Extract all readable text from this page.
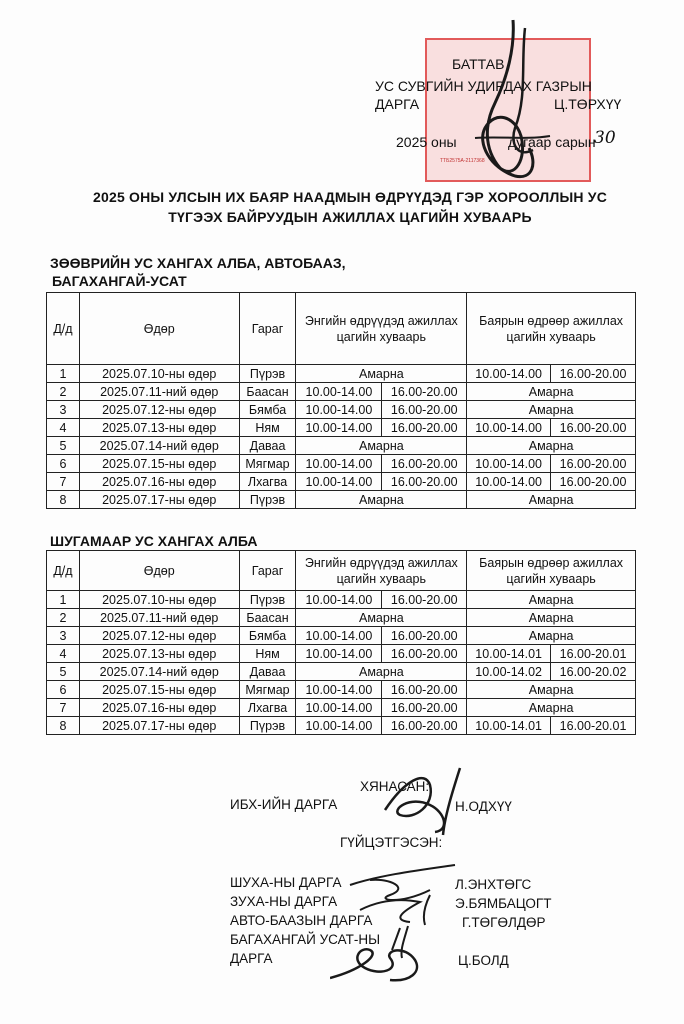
ТТБ2575А-2117368
БАТТАВ
УС СУВГИЙН УДИРДАХ ГАЗРЫН
ДАРГА	Ц.ТӨРХҮҮ
2025 оны	дугаар сарын
30
2025 ОНЫ УЛСЫН ИХ БАЯР НААДМЫН ӨДРҮҮДЭД ГЭР ХОРООЛЛЫН УС
ТҮГЭЭХ БАЙРУУДЫН АЖИЛЛАХ ЦАГИЙН ХУВААРЬ
ЗӨӨВРИЙН УС ХАНГАХ АЛБА, АВТОБААЗ,
БАГАХАНГАЙ-УСАТ
Д/д	Өдөр	Гараг	Энгийн өдрүүдэд ажиллах цагийн хуваарь		Баярын өдрөөр ажиллах цагийн хуваарь	
1	2025.07.10-ны өдөр	Пүрэв	Амарна		10.00-14.00	16.00-20.00
2	2025.07.11-ний өдөр	Баасан	10.00-14.00	16.00-20.00	Амарна	
3	2025.07.12-ны өдөр	Бямба	10.00-14.00	16.00-20.00	Амарна	
4	2025.07.13-ны өдөр	Ням	10.00-14.00	16.00-20.00	10.00-14.00	16.00-20.00
5	2025.07.14-ний өдөр	Даваа	Амарна		Амарна	
6	2025.07.15-ны өдөр	Мягмар	10.00-14.00	16.00-20.00	10.00-14.00	16.00-20.00
7	2025.07.16-ны өдөр	Лхагва	10.00-14.00	16.00-20.00	10.00-14.00	16.00-20.00
8	2025.07.17-ны өдөр	Пүрэв	Амарна		Амарна	
ШУГАМААР УС ХАНГАХ АЛБА
Д/д	Өдөр	Гараг	Энгийн өдрүүдэд ажиллах цагийн хуваарь		Баярын өдрөөр ажиллах цагийн хуваарь	
1	2025.07.10-ны өдөр	Пүрэв	10.00-14.00	16.00-20.00	Амарна	
2	2025.07.11-ний өдөр	Баасан	Амарна		Амарна	
3	2025.07.12-ны өдөр	Бямба	10.00-14.00	16.00-20.00	Амарна	
4	2025.07.13-ны өдөр	Ням	10.00-14.00	16.00-20.00	10.00-14.01	16.00-20.01
5	2025.07.14-ний өдөр	Даваа	Амарна		10.00-14.02	16.00-20.02
6	2025.07.15-ны өдөр	Мягмар	10.00-14.00	16.00-20.00	Амарна	
7	2025.07.16-ны өдөр	Лхагва	10.00-14.00	16.00-20.00	Амарна	
8	2025.07.17-ны өдөр	Пүрэв	10.00-14.00	16.00-20.00	10.00-14.01	16.00-20.01
ХЯНАСАН:
ИБХ-ИЙН ДАРГА	Н.ОДХҮҮ
ГҮЙЦЭТГЭСЭН:
ШУХА-НЫ ДАРГА	Л.ЭНХТӨГС
ЗУХА-НЫ ДАРГА	Э.БЯМБАЦОГТ
АВТО-БААЗЫН ДАРГА	Г.ТӨГӨЛДӨР
БАГАХАНГАЙ УСАТ-НЫ
ДАРГА	Ц.БОЛД
